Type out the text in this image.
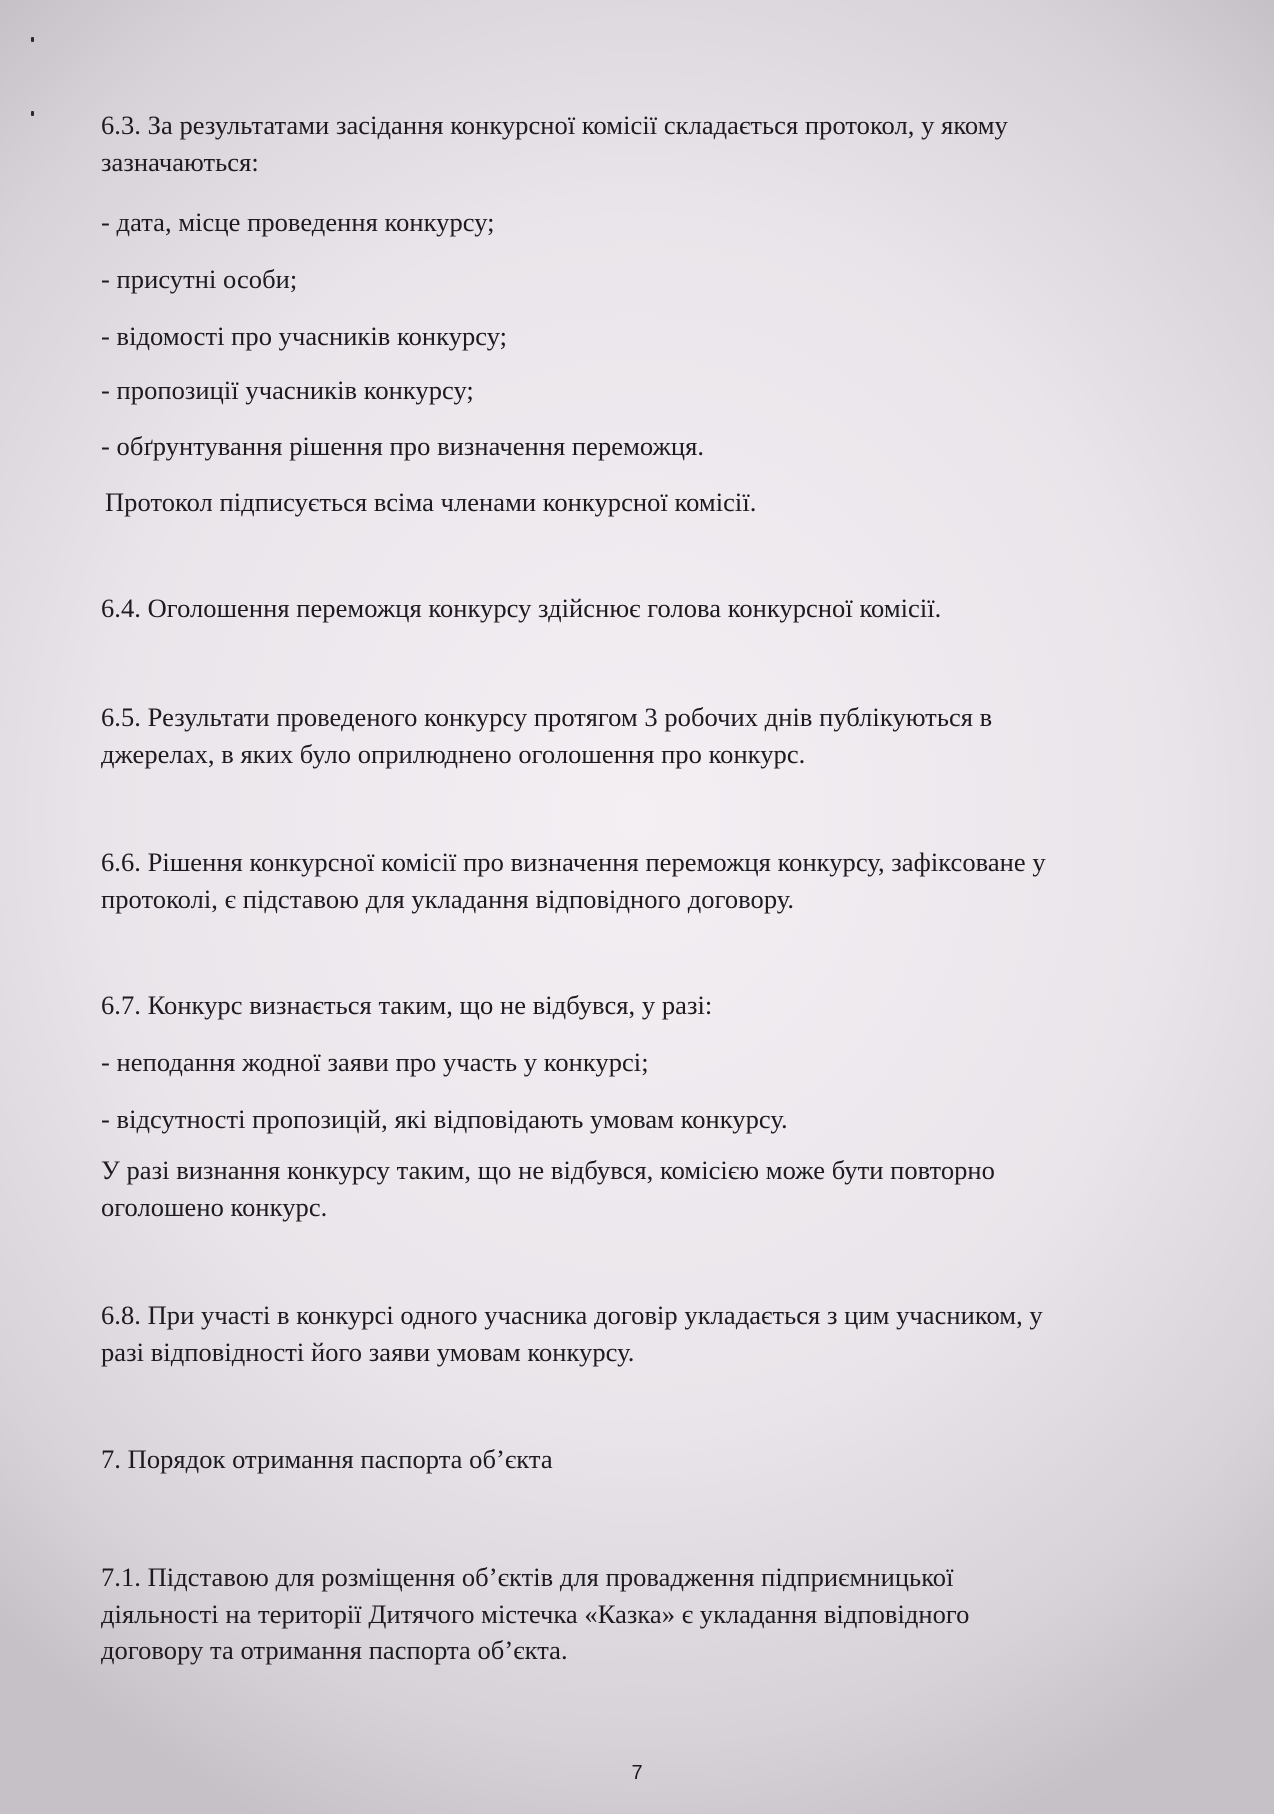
6.3. За результатами засідання конкурсної комісії складається протокол, у якому
зазначаються:
- дата, місце проведення конкурсу;
- присутні особи;
- відомості про учасників конкурсу;
- пропозиції учасників конкурсу;
- обґрунтування рішення про визначення переможця.
Протокол підписується всіма членами конкурсної комісії.
6.4. Оголошення переможця конкурсу здійснює голова конкурсної комісії.
6.5. Результати проведеного конкурсу протягом 3 робочих днів публікуються в
джерелах, в яких було оприлюднено оголошення про конкурс.
6.6. Рішення конкурсної комісії про визначення переможця конкурсу, зафіксоване у
протоколі, є підставою для укладання відповідного договору.
6.7. Конкурс визнається таким, що не відбувся, у разі:
- неподання жодної заяви про участь у конкурсі;
- відсутності пропозицій, які відповідають умовам конкурсу.
У разі визнання конкурсу таким, що не відбувся, комісією може бути повторно
оголошено конкурс.
6.8. При участі в конкурсі одного учасника договір укладається з цим учасником, у
разі відповідності його заяви умовам конкурсу.
7. Порядок отримання паспорта об’єкта
7.1. Підставою для розміщення об’єктів для провадження підприємницької
діяльності на території Дитячого містечка «Казка» є укладання відповідного
договору та отримання паспорта об’єкта.
7
